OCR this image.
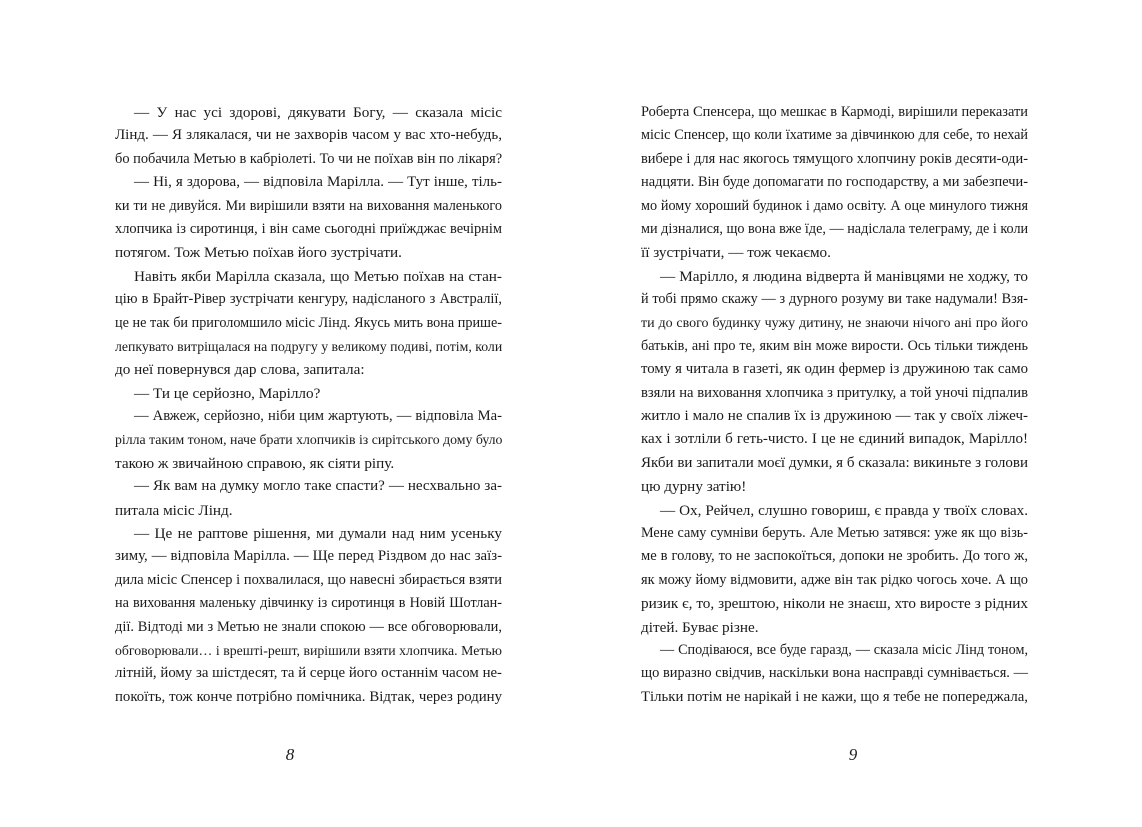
— У нас усі здорові, дякувати Богу, — сказала місіс
Лінд. — Я злякалася, чи не захворів часом у вас хто-небудь,
бо побачила Метью в кабріолеті. То чи не поїхав він по лікаря?
— Ні, я здорова, — відповіла Марілла. — Тут інше, тіль-
ки ти не дивуйся. Ми вирішили взяти на виховання маленького
хлопчика із сиротинця, і він саме сьогодні приїжджає вечірнім
потягом. Тож Метью поїхав його зустрічати.
Навіть якби Марілла сказала, що Метью поїхав на стан-
цію в Брайт-Рівер зустрічати кенгуру, надісланого з Австралії,
це не так би приголомшило місіс Лінд. Якусь мить вона пришe-
лепкувато витріщалася на подругу у великому подиві, потім, коли
до неї повернувся дар слова, запитала:
— Ти це серйозно, Марілло?
— Авжеж, серйозно, ніби цим жартують, — відповіла Ма-
рілла таким тоном, наче брати хлопчиків із сирітського дому було
такою ж звичайною справою, як сіяти ріпу.
— Як вам на думку могло таке спасти? — несхвально за-
питала місіс Лінд.
— Це не раптове рішення, ми думали над ним усеньку
зиму, — відповіла Марілла. — Ще перед Різдвом до нас заїз-
дила місіс Спенсер і похвалилася, що навесні збирається взяти
на виховання маленьку дівчинку із сиротинця в Новій Шотлан-
дії. Відтоді ми з Метью не знали спокою — все обговорювали,
обговорювали… і врешті-решт, вирішили взяти хлопчика. Метью
літній, йому за шістдесят, та й серце його останнім часом не-
покоїть, тож конче потрібно помічника. Відтак, через родину
Роберта Спенсера, що мешкає в Кармоді, вирішили переказати
місіс Спенсер, що коли їхатиме за дівчинкою для себе, то нехай
вибере і для нас якогось тямущого хлопчину років десяти-оди-
надцяти. Він буде допомагати по господарству, а ми забезпечи-
мо йому хороший будинок і дамо освіту. А оце минулого тижня
ми дізналися, що вона вже їде, — надіслала телеграму, де і коли
її зустрічати, — тож чекаємо.
— Марілло, я людина відверта й манівцями не ходжу, то
й тобі прямо скажу — з дурного розуму ви таке надумали! Взя-
ти до свого будинку чужу дитину, не знаючи нічого ані про його
батьків, ані про те, яким він може вирости. Ось тільки тиждень
тому я читала в газеті, як один фермер із дружиною так само
взяли на виховання хлопчика з притулку, а той уночі підпалив
житло і мало не спалив їх із дружиною — так у своїх ліжеч-
ках і зотліли б геть-чисто. І це не єдиний випадок, Марілло!
Якби ви запитали моєї думки, я б сказала: викиньте з голови
цю дурну затію!
— Ох, Рейчел, слушно говориш, є правда у твоїх словах.
Мене саму сумніви беруть. Але Метью затявся: уже як що візь-
ме в голову, то не заспокоїться, допоки не зробить. До того ж,
як можу йому відмовити, адже він так рідко чогось хоче. А що
ризик є, то, зрештою, ніколи не знаєш, хто виросте з рідних
дітей. Буває різне.
— Сподіваюся, все буде гаразд, — сказала місіс Лінд тоном,
що виразно свідчив, наскільки вона насправді сумнівається. —
Тільки потім не нарікай і не кажи, що я тебе не попереджала,
8	9
